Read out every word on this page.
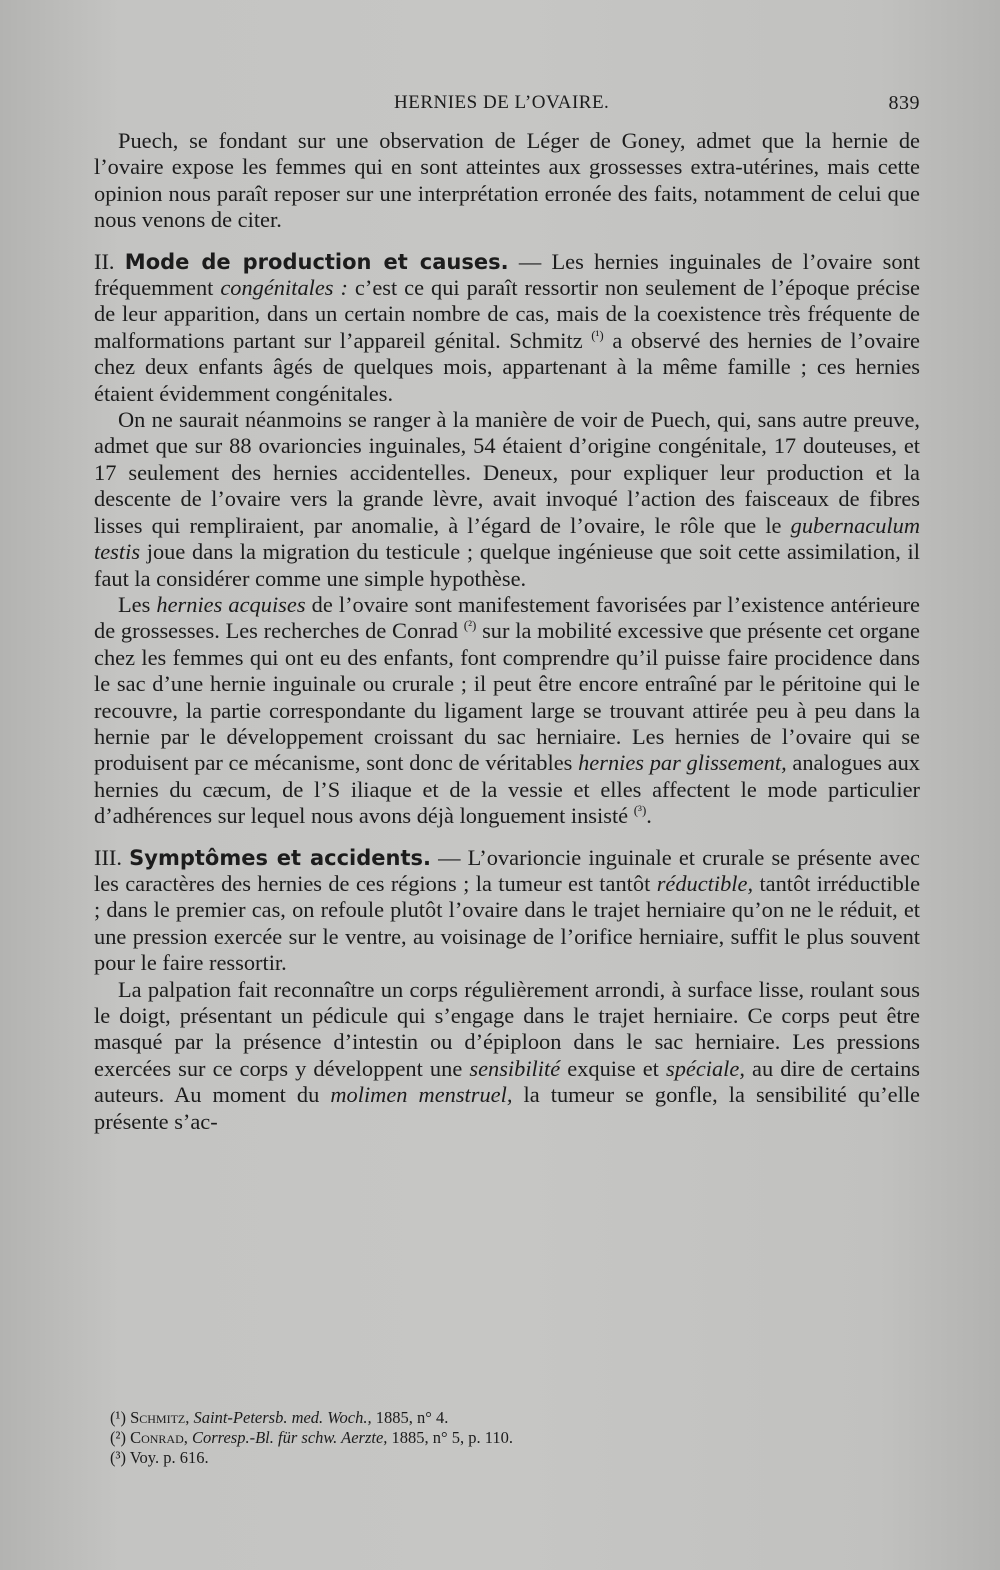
HERNIES DE L’OVAIRE.	839

Puech, se fondant sur une observation de Léger de Goney, admet que la hernie de l’ovaire expose les femmes qui en sont atteintes aux grossesses extra-utérines, mais cette opinion nous paraît reposer sur une interprétation erronée des faits, notamment de celui que nous venons de citer.

II. Mode de production et causes. — Les hernies inguinales de l’ovaire sont fréquemment congénitales : c’est ce qui paraît ressortir non seulement de l’époque précise de leur apparition, dans un certain nombre de cas, mais de la coexistence très fréquente de malformations partant sur l’appareil génital. Schmitz $^{(^1)}$ a observé des hernies de l’ovaire chez deux enfants âgés de quelques mois, appartenant à la même famille ; ces hernies étaient évidemment congénitales.

On ne saurait néanmoins se ranger à la manière de voir de Puech, qui, sans autre preuve, admet que sur 88 ovarioncies inguinales, 54 étaient d’origine congénitale, 17 douteuses, et 17 seulement des hernies accidentelles. Deneux, pour expliquer leur production et la descente de l’ovaire vers la grande lèvre, avait invoqué l’action des faisceaux de fibres lisses qui rempliraient, par anomalie, à l’égard de l’ovaire, le rôle que le gubernaculum testis joue dans la migration du testicule ; quelque ingénieuse que soit cette assimilation, il faut la considérer comme une simple hypothèse.

Les hernies acquises de l’ovaire sont manifestement favorisées par l’existence antérieure de grossesses. Les recherches de Conrad $^{(^2)}$ sur la mobilité excessive que présente cet organe chez les femmes qui ont eu des enfants, font comprendre qu’il puisse faire procidence dans le sac d’une hernie inguinale ou crurale ; il peut être encore entraîné par le péritoine qui le recouvre, la partie correspondante du ligament large se trouvant attirée peu à peu dans la hernie par le développement croissant du sac herniaire. Les hernies de l’ovaire qui se produisent par ce mécanisme, sont donc de véritables hernies par glissement, analogues aux hernies du cæcum, de l’S iliaque et de la vessie et elles affectent le mode particulier d’adhérences sur lequel nous avons déjà longuement insisté $^{(^3)}$.

III. Symptômes et accidents. — L’ovarioncie inguinale et crurale se présente avec les caractères des hernies de ces régions ; la tumeur est tantôt réductible, tantôt irréductible ; dans le premier cas, on refoule plutôt l’ovaire dans le trajet herniaire qu’on ne le réduit, et une pression exercée sur le ventre, au voisinage de l’orifice herniaire, suffit le plus souvent pour le faire ressortir.

La palpation fait reconnaître un corps régulièrement arrondi, à surface lisse, roulant sous le doigt, présentant un pédicule qui s’engage dans le trajet herniaire. Ce corps peut être masqué par la présence d’intestin ou d’épiploon dans le sac herniaire. Les pressions exercées sur ce corps y développent une sensibilité exquise et spéciale, au dire de certains auteurs. Au moment du molimen menstruel, la tumeur se gonfle, la sensibilité qu’elle présente s’ac-

(¹) Schmitz, Saint-Petersb. med. Woch., 1885, n° 4.
(²) Conrad, Corresp.-Bl. für schw. Aerzte, 1885, n° 5, p. 110.
(³) Voy. p. 616.
